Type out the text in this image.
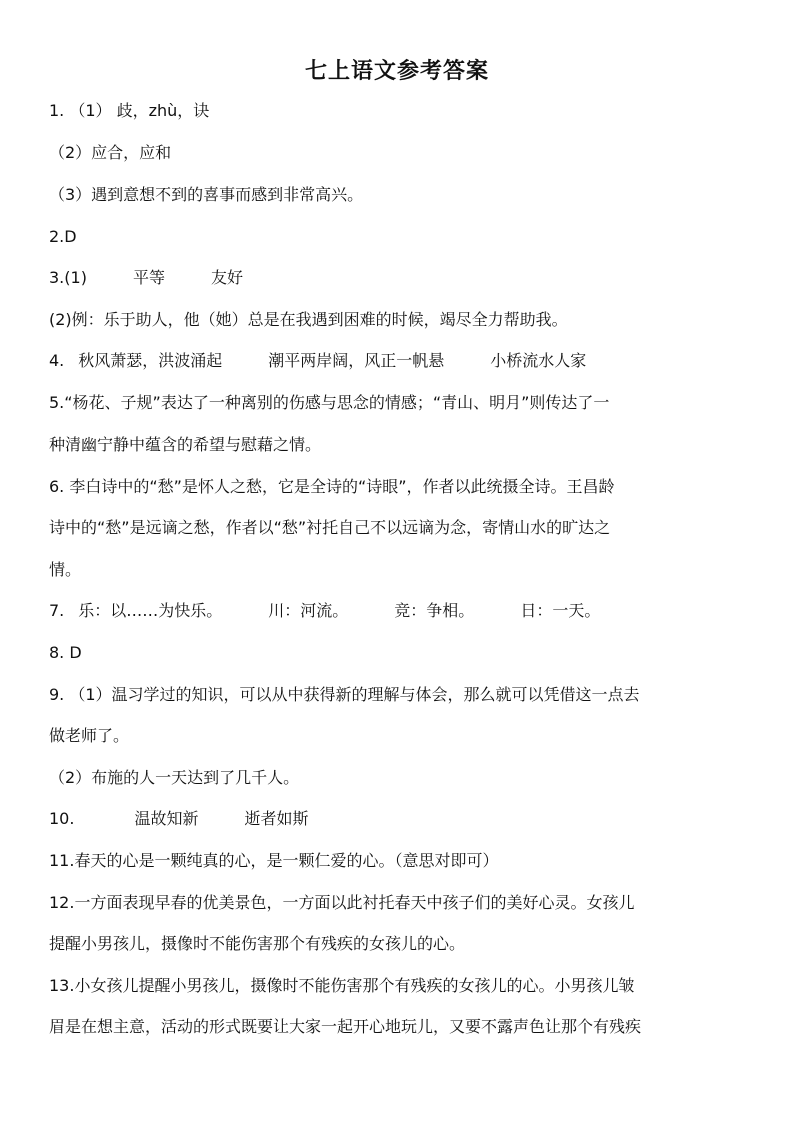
七上语文参考答案
1. （1） 歧，zhù，诀
（2）应合，应和
（3）遇到意想不到的喜事而感到非常高兴。
2.D
3.(1)	平等	友好
(2)例：乐于助人，他（她）总是在我遇到困难的时候，竭尽全力帮助我。
4. 秋风萧瑟，洪波涌起	潮平两岸阔，风正一帆悬	小桥流水人家
5.“杨花、子规”表达了一种离别的伤感与思念的情感；“青山、明月”则传达了一
种清幽宁静中蕴含的希望与慰藉之情。
6. 李白诗中的“愁”是怀人之愁，它是全诗的“诗眼”，作者以此统摄全诗。王昌龄
诗中的“愁”是远谪之愁，作者以“愁”衬托自己不以远谪为念，寄情山水的旷达之
情。
7. 乐：以……为快乐。	川：河流。	竞：争相。	日：一天。
8. D
9. （1）温习学过的知识，可以从中获得新的理解与体会，那么就可以凭借这一点去
做老师了。
（2）布施的人一天达到了几千人。
10.	温故知新	逝者如斯
11.春天的心是一颗纯真的心，是一颗仁爱的心。（意思对即可）
12.一方面表现早春的优美景色，一方面以此衬托春天中孩子们的美好心灵。女孩儿
提醒小男孩儿，摄像时不能伤害那个有残疾的女孩儿的心。
13.小女孩儿提醒小男孩儿，摄像时不能伤害那个有残疾的女孩儿的心。小男孩儿皱
眉是在想主意，活动的形式既要让大家一起开心地玩儿，又要不露声色让那个有残疾
